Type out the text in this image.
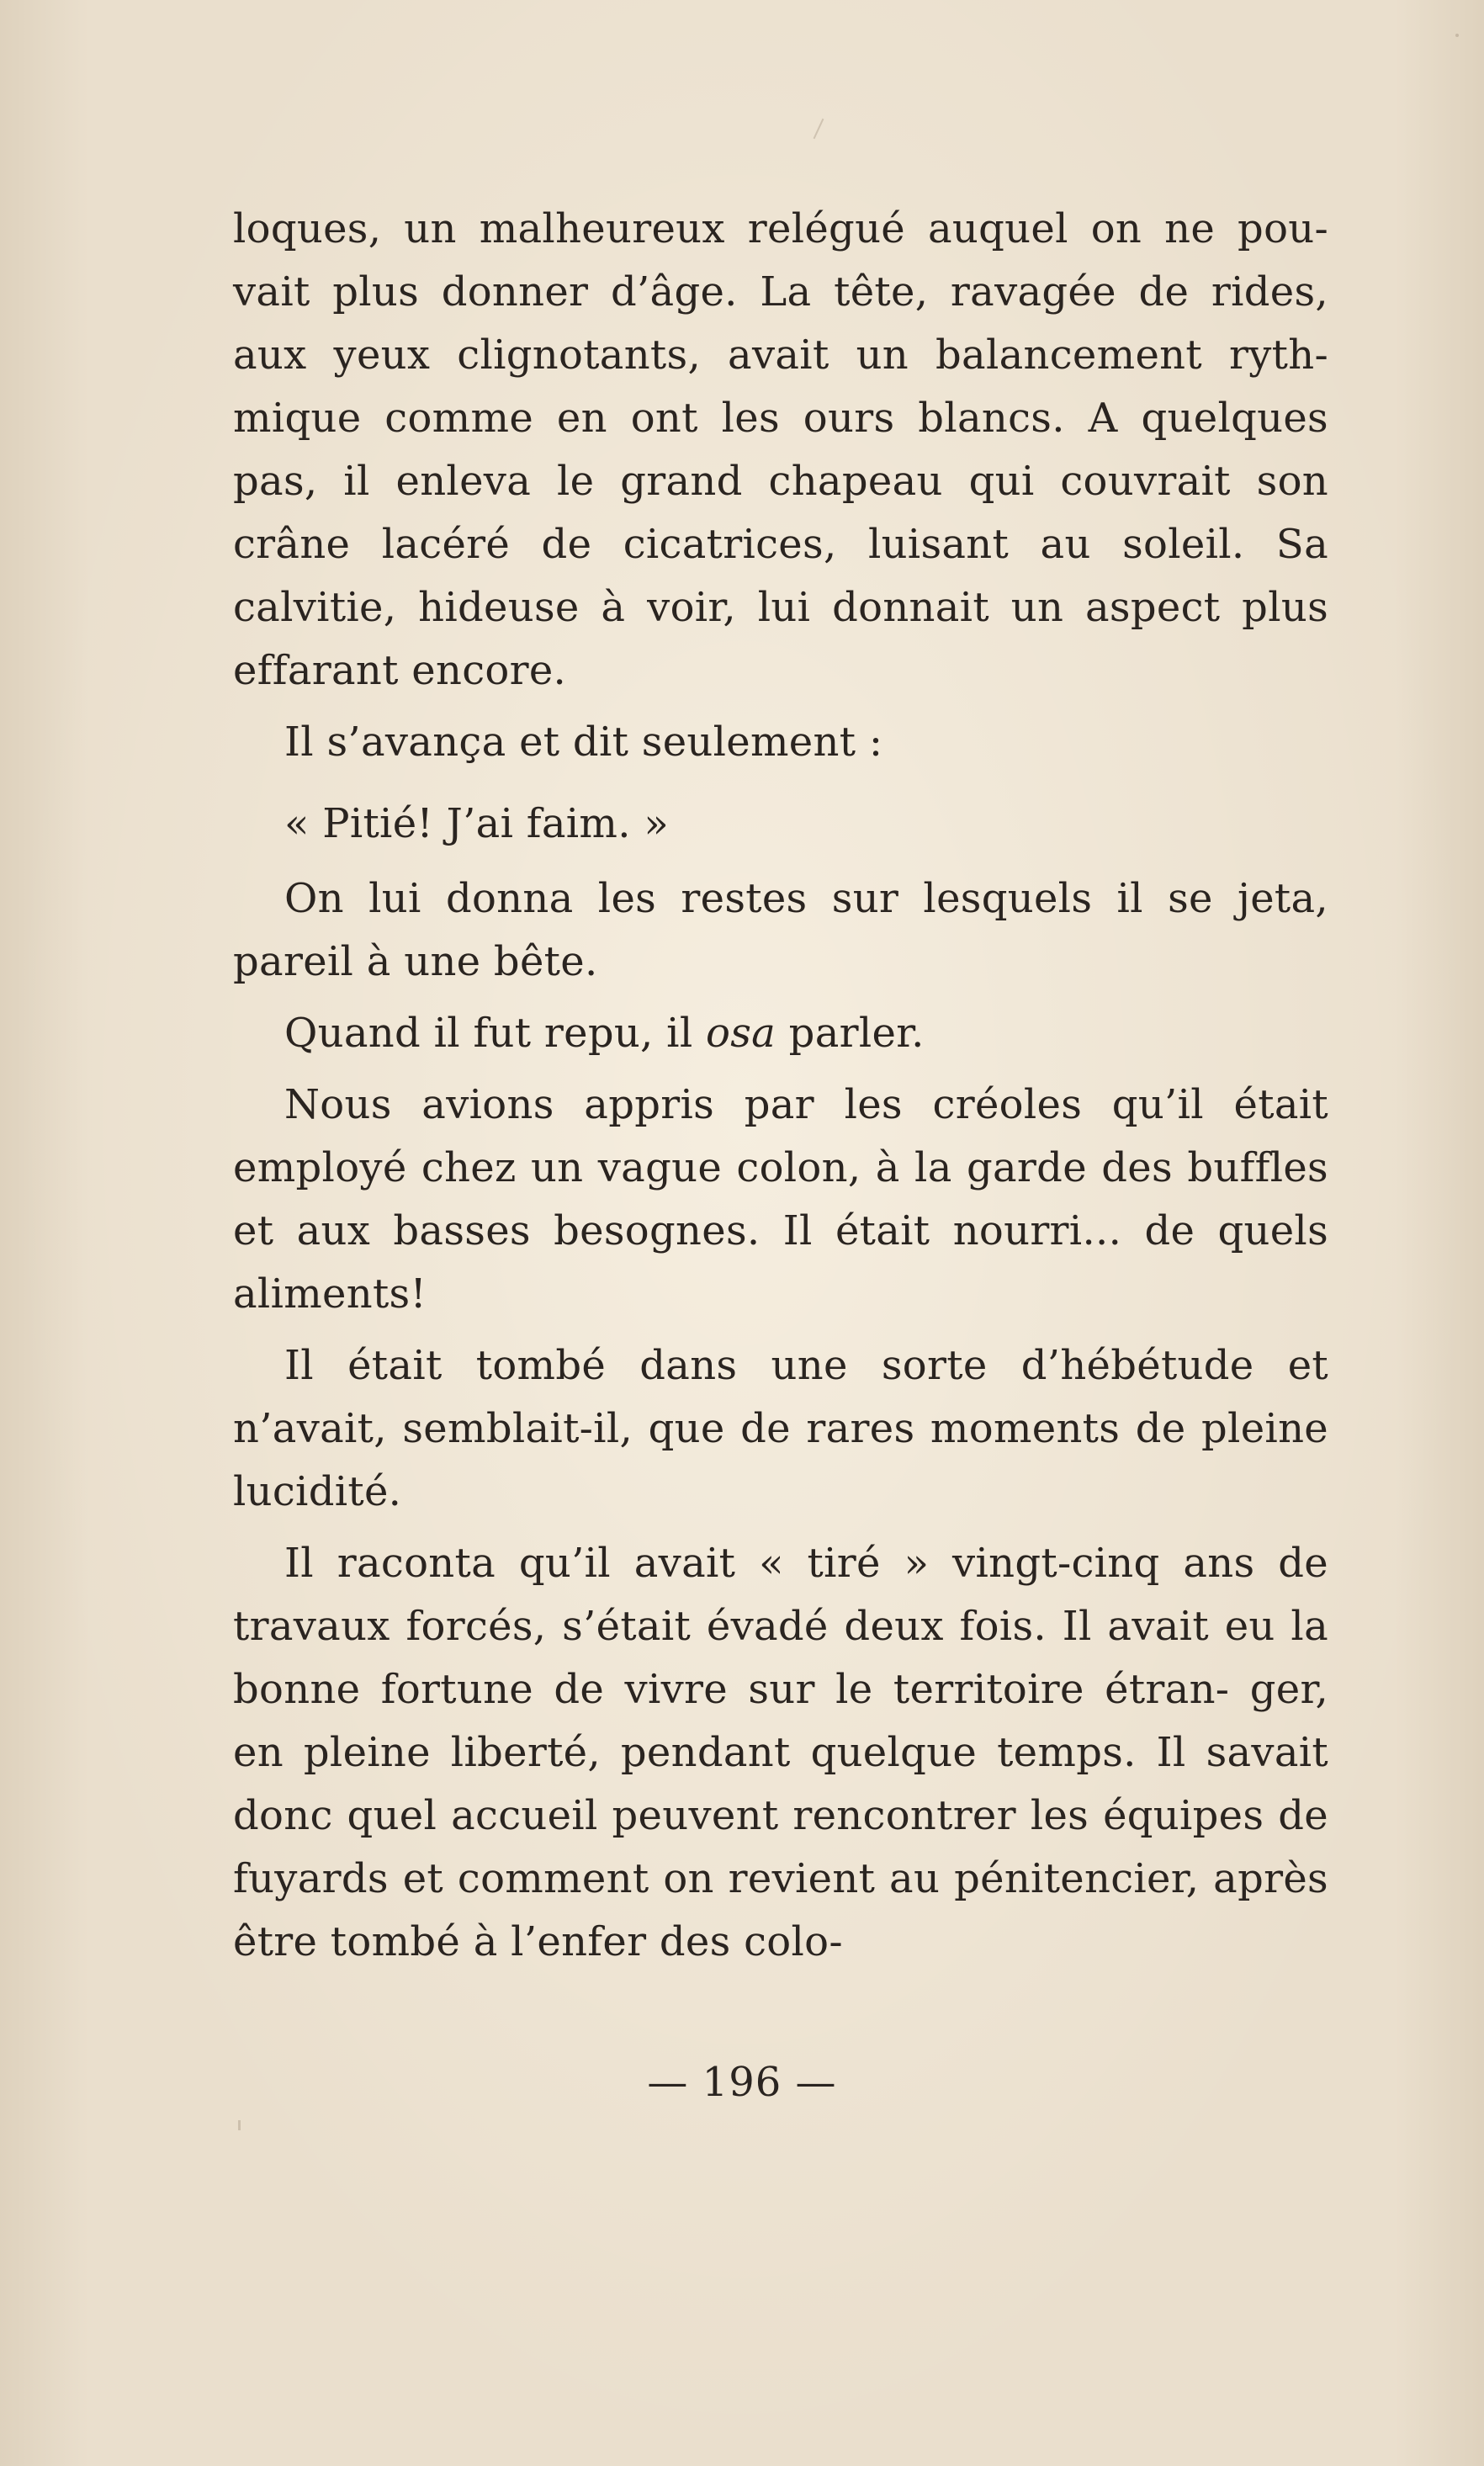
loques, un malheureux relégué auquel on ne pou- vait plus donner d’âge. La tête, ravagée de rides, aux yeux clignotants, avait un balancement ryth- mique comme en ont les ours blancs. A quelques pas, il enleva le grand chapeau qui couvrait son crâne lacéré de cicatrices, luisant au soleil. Sa calvitie, hideuse à voir, lui donnait un aspect plus effarant encore.

Il s’avança et dit seulement :

« Pitié! J’ai faim. »

On lui donna les restes sur lesquels il se jeta, pareil à une bête.

Quand il fut repu, il osa parler.

Nous avions appris par les créoles qu’il était employé chez un vague colon, à la garde des buffles et aux basses besognes. Il était nourri... de quels aliments!

Il était tombé dans une sorte d’hébétude et n’avait, semblait-il, que de rares moments de pleine lucidité.

Il raconta qu’il avait « tiré » vingt-cinq ans de travaux forcés, s’était évadé deux fois. Il avait eu la bonne fortune de vivre sur le territoire étran- ger, en pleine liberté, pendant quelque temps. Il savait donc quel accueil peuvent rencontrer les équipes de fuyards et comment on revient au pénitencier, après être tombé à l’enfer des colo-

— 196 —
